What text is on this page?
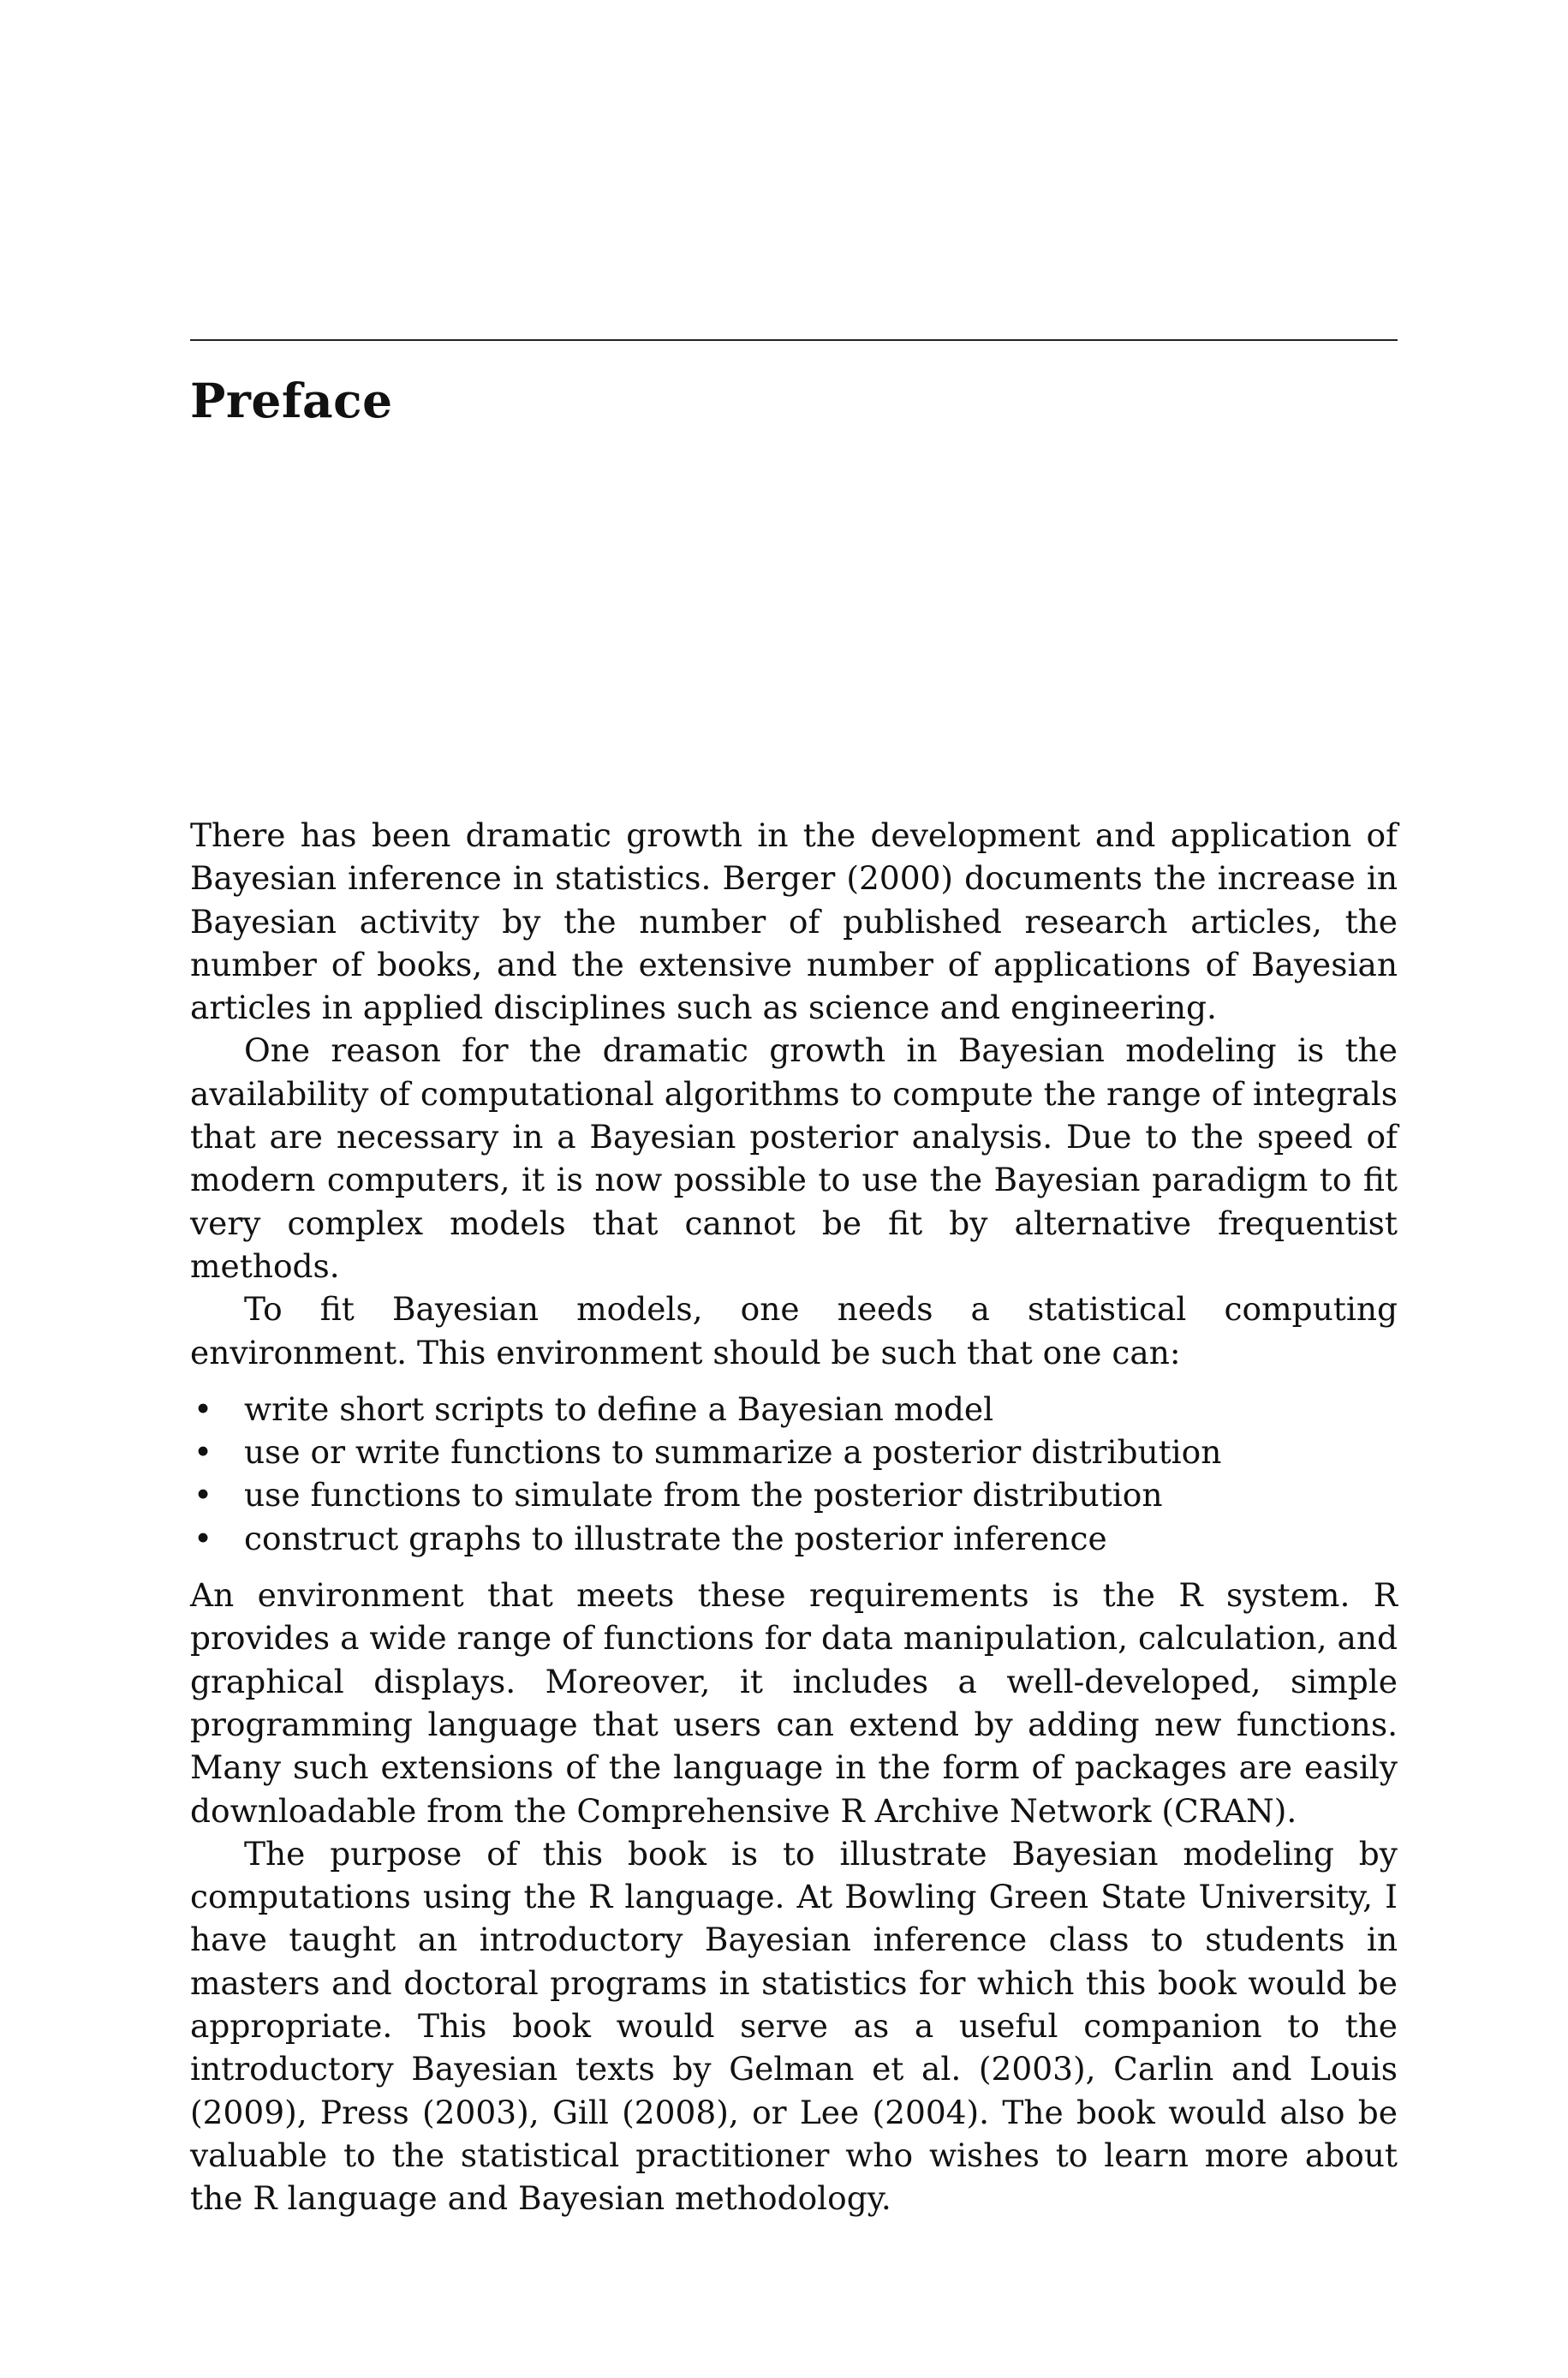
Preface

There has been dramatic growth in the development and application of Bayesian inference in statistics. Berger (2000) documents the increase in Bayesian activity by the number of published research articles, the number of books, and the extensive number of applications of Bayesian articles in applied disciplines such as science and engineering.

One reason for the dramatic growth in Bayesian modeling is the availability of computational algorithms to compute the range of integrals that are necessary in a Bayesian posterior analysis. Due to the speed of modern computers, it is now possible to use the Bayesian paradigm to fit very complex models that cannot be fit by alternative frequentist methods.

To fit Bayesian models, one needs a statistical computing environment. This environment should be such that one can:

• write short scripts to define a Bayesian model
• use or write functions to summarize a posterior distribution
• use functions to simulate from the posterior distribution
• construct graphs to illustrate the posterior inference

An environment that meets these requirements is the R system. R provides a wide range of functions for data manipulation, calculation, and graphical displays. Moreover, it includes a well-developed, simple programming language that users can extend by adding new functions. Many such extensions of the language in the form of packages are easily downloadable from the Comprehensive R Archive Network (CRAN).

The purpose of this book is to illustrate Bayesian modeling by computations using the R language. At Bowling Green State University, I have taught an introductory Bayesian inference class to students in masters and doctoral programs in statistics for which this book would be appropriate. This book would serve as a useful companion to the introductory Bayesian texts by Gelman et al. (2003), Carlin and Louis (2009), Press (2003), Gill (2008), or Lee (2004). The book would also be valuable to the statistical practitioner who wishes to learn more about the R language and Bayesian methodology.
